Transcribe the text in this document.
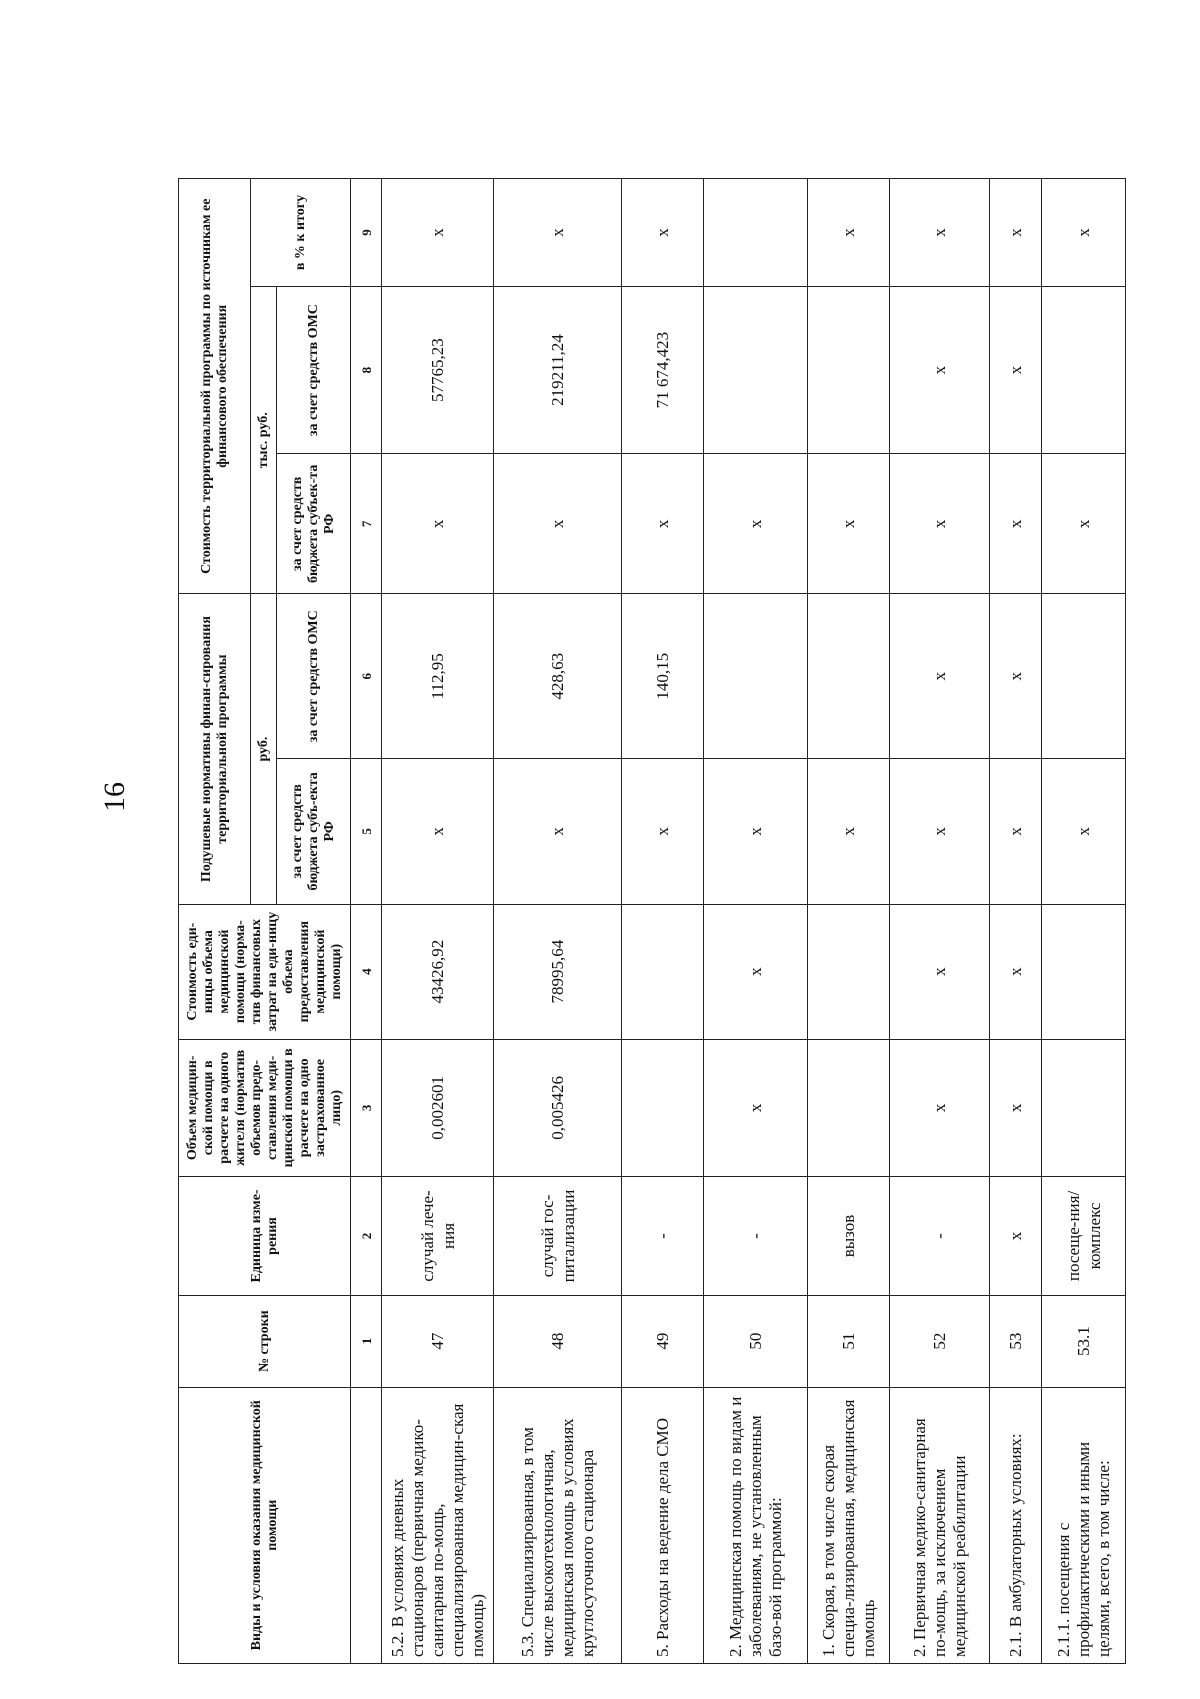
16
Виды и условия оказания медицинской помощи	№ строки	Единица изме-рения	Объем медицин-ской помощи в расчете на одного жителя (норматив объемов предо-ставления меди-цинской помощи в расчете на одно застрахованное лицо)	Стоимость еди-ницы объема медицинской помощи (норма-тив финансовых затрат на еди-ницу объема предоставления медицинской помощи)	Подушевые нормативы финан-сирования территориальной программы		Стоимость территориальной программы по источникам ее финансового обеспечения		
					руб.		тыс. руб.		в % к итогу
					за счет средств бюджета субъ-екта РФ	за счет средств ОМС	за счет средств бюджета субъек-та РФ	за счет средств ОМС	
	1	2	3	4	5	6	7	8	9
5.2. В условиях дневных стационаров (первичная медико-санитарная по-мощь, специализированная медицин-ская помощь)	47	случай лече-ния	0,002601	43426,92	х	112,95	х	57765,23	х
5.3. Специализированная, в том числе высокотехнологичная, медицинская помощь в условиях круглосуточного стационара	48	случай гос-питализации	0,005426	78995,64	х	428,63	х	219211,24	х
5. Расходы на ведение дела СМО	49	-			х	140,15	х	71 674,423	х
2. Медицинская помощь по видам и заболеваниям, не установленным базо-вой программой:	50	-	х	х	х		х		
1. Скорая, в том числе скорая специа-лизированная, медицинская помощь	51	вызов			х		х		х
2. Первичная медико-санитарная по-мощь, за исключением медицинской реабилитации	52	-	х	х	х	х	х	х	х
2.1. В амбулаторных условиях:	53	х	х	х	х	х	х	х	х
2.1.1. посещения с профилактическими и иными целями, всего, в том числе:	53.1	посеще-ния/комплекс			х		х		х
